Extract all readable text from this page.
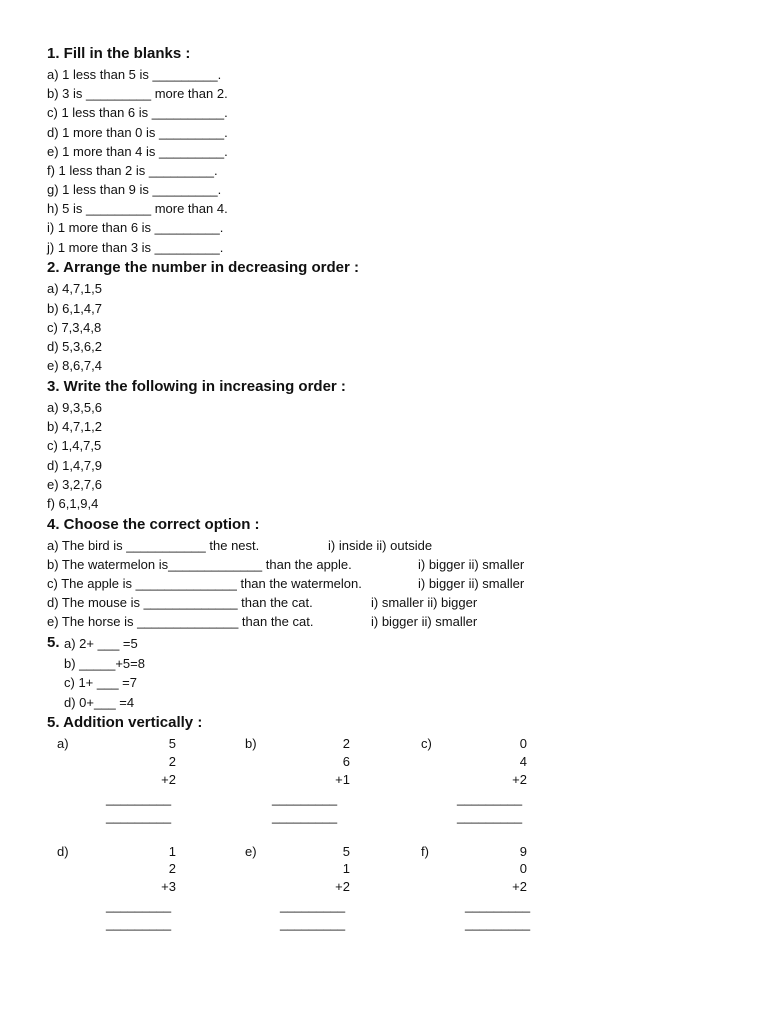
1. Fill in the blanks :
a) 1 less than 5 is _________.
b) 3 is _________ more than 2.
c) 1 less than 6 is __________.
d) 1 more than 0 is _________.
e) 1 more than 4 is _________.
f) 1 less than 2 is _________.
g) 1 less than 9 is _________.
h) 5 is _________ more than 4.
i) 1 more than 6 is _________.
j) 1 more than 3 is _________.
2. Arrange the number in decreasing order :
a) 4,7,1,5
b) 6,1,4,7
c) 7,3,4,8
d) 5,3,6,2
e) 8,6,7,4
3. Write the following in increasing order :
a) 9,3,5,6
b) 4,7,1,2
c) 1,4,7,5
d) 1,4,7,9
e) 3,2,7,6
f) 6,1,9,4
4. Choose the correct option :
a) The bird is ___________ the nest.	i) inside ii) outside
b) The watermelon is_____________ than the apple.	i) bigger ii) smaller
c) The apple is ______________ than the watermelon.	i) bigger ii) smaller
d) The mouse is _____________ than the cat.	i) smaller ii) bigger
e) The horse is ______________ than the cat.	i) bigger ii) smaller
5. a) 2+ ___ =5
b) _____+5=8
c) 1+ ___ =7
d) 0+___ =4
5. Addition vertically :
a)	5
2
+2
_________
_________
b)	2
6
+1
_________
_________
c)	0
4
+2
_________
_________
d)	1
2
+3
_________
_________
e)	5
1
+2
_________
_________
f)	9
0
+2
_________
_________
